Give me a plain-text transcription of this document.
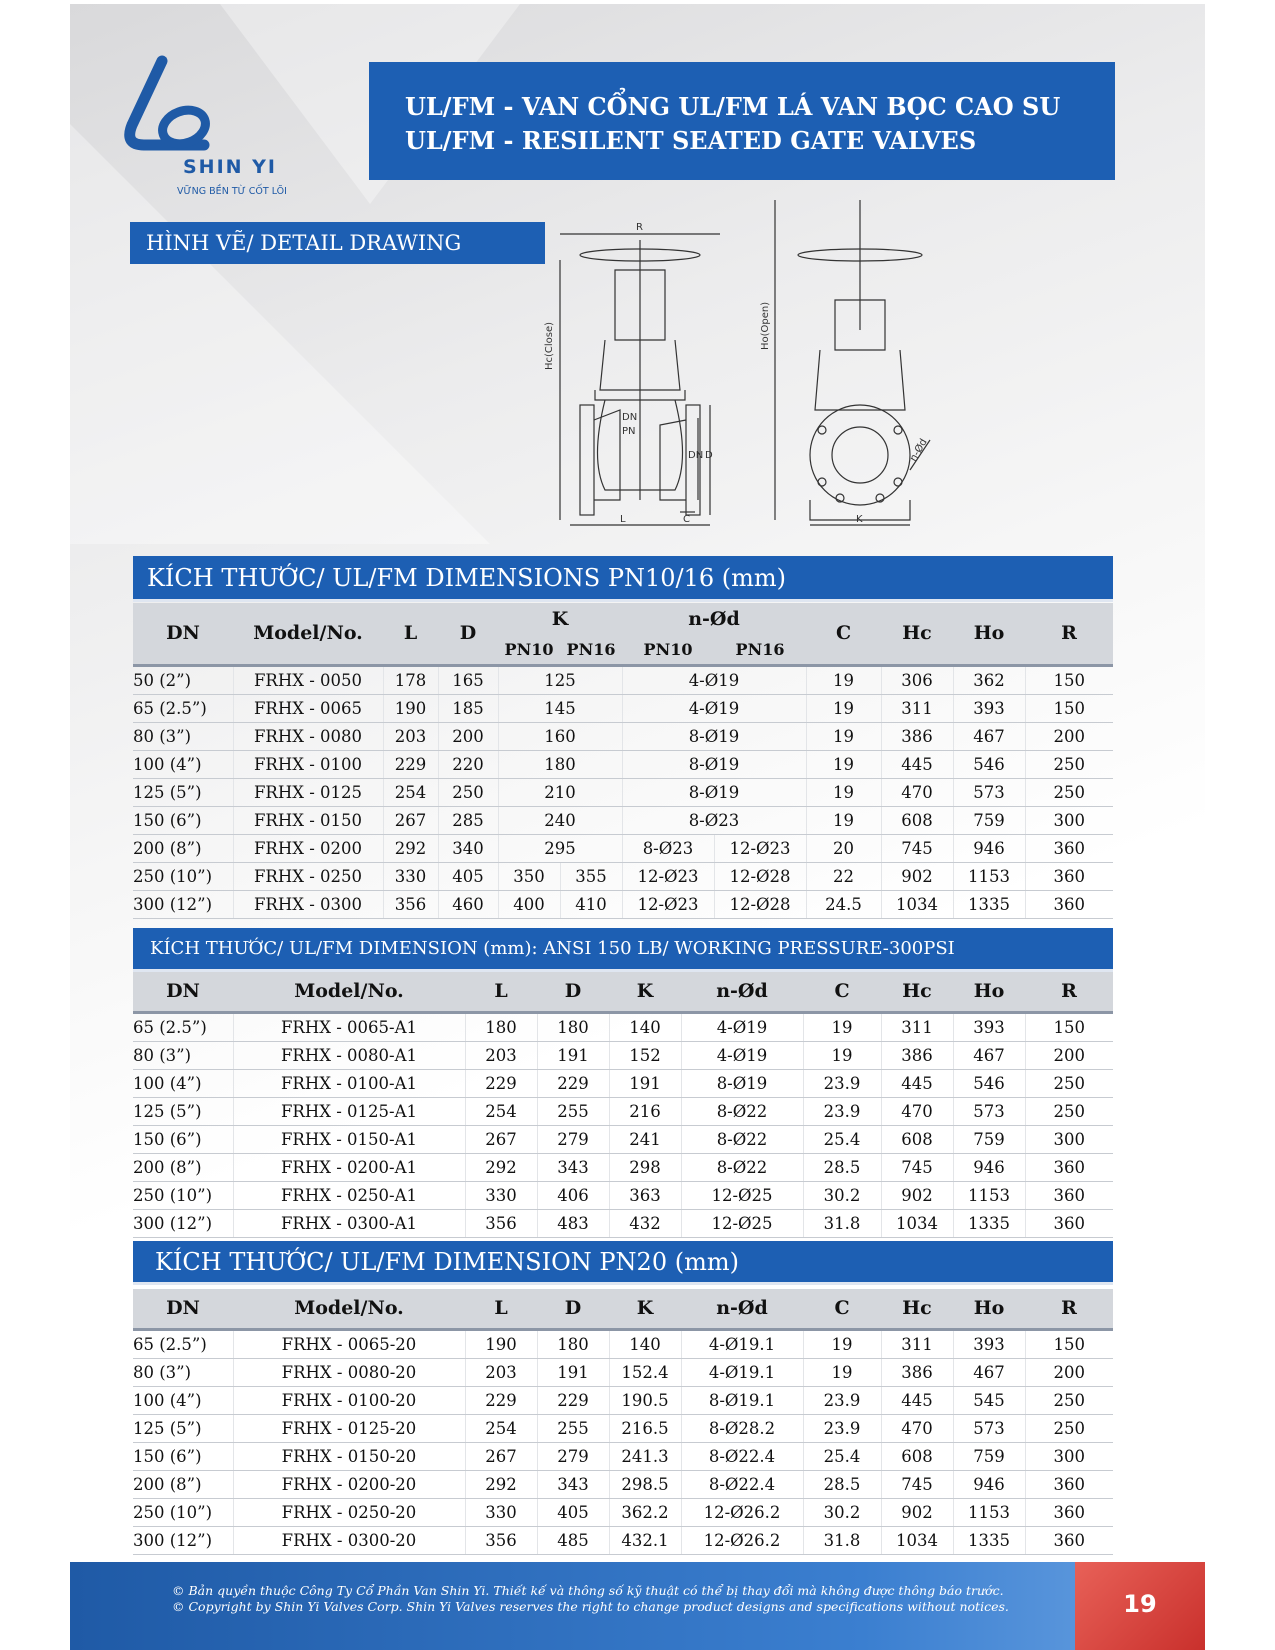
SHIN YI
VỮNG BỀN TỪ CỐT LÕI
UL/FM - VAN CỔNG UL/FM LÁ VAN BỌC CAO SU
UL/FM - RESILENT SEATED GATE VALVES
HÌNH VẼ/ DETAIL DRAWING
R
Hc(Close)	Ho(Open)
DN
PN
D
DN
L	C	K
n-Ød
KÍCH THƯỚC/ UL/FM DIMENSIONS PN10/16 (mm)
DN	Model/No.	L	D	K		n-Ød		C	Hc	Ho	R
				PN10	PN16	PN10	PN16				
50 (2”)	FRHX - 0050	178	165	125		4-Ø19		19	306	362	150
65 (2.5”)	FRHX - 0065	190	185	145		4-Ø19		19	311	393	150
80 (3”)	FRHX - 0080	203	200	160		8-Ø19		19	386	467	200
100 (4”)	FRHX - 0100	229	220	180		8-Ø19		19	445	546	250
125 (5”)	FRHX - 0125	254	250	210		8-Ø19		19	470	573	250
150 (6”)	FRHX - 0150	267	285	240		8-Ø23		19	608	759	300
200 (8”)	FRHX - 0200	292	340	295		8-Ø23	12-Ø23	20	745	946	360
250 (10”)	FRHX - 0250	330	405	350	355	12-Ø23	12-Ø28	22	902	1153	360
300 (12”)	FRHX - 0300	356	460	400	410	12-Ø23	12-Ø28	24.5	1034	1335	360
KÍCH THƯỚC/ UL/FM DIMENSION (mm): ANSI 150 LB/ WORKING PRESSURE-300PSI
DN	Model/No.	L	D	K	n-Ød	C	Hc	Ho	R
65 (2.5”)	FRHX - 0065-A1	180	180	140	4-Ø19	19	311	393	150
80 (3”)	FRHX - 0080-A1	203	191	152	4-Ø19	19	386	467	200
100 (4”)	FRHX - 0100-A1	229	229	191	8-Ø19	23.9	445	546	250
125 (5”)	FRHX - 0125-A1	254	255	216	8-Ø22	23.9	470	573	250
150 (6”)	FRHX - 0150-A1	267	279	241	8-Ø22	25.4	608	759	300
200 (8”)	FRHX - 0200-A1	292	343	298	8-Ø22	28.5	745	946	360
250 (10”)	FRHX - 0250-A1	330	406	363	12-Ø25	30.2	902	1153	360
300 (12”)	FRHX - 0300-A1	356	483	432	12-Ø25	31.8	1034	1335	360
KÍCH THƯỚC/ UL/FM DIMENSION PN20 (mm)
DN	Model/No.	L	D	K	n-Ød	C	Hc	Ho	R
65 (2.5”)	FRHX - 0065-20	190	180	140	4-Ø19.1	19	311	393	150
80 (3”)	FRHX - 0080-20	203	191	152.4	4-Ø19.1	19	386	467	200
100 (4”)	FRHX - 0100-20	229	229	190.5	8-Ø19.1	23.9	445	545	250
125 (5”)	FRHX - 0125-20	254	255	216.5	8-Ø28.2	23.9	470	573	250
150 (6”)	FRHX - 0150-20	267	279	241.3	8-Ø22.4	25.4	608	759	300
200 (8”)	FRHX - 0200-20	292	343	298.5	8-Ø22.4	28.5	745	946	360
250 (10”)	FRHX - 0250-20	330	405	362.2	12-Ø26.2	30.2	902	1153	360
300 (12”)	FRHX - 0300-20	356	485	432.1	12-Ø26.2	31.8	1034	1335	360
© Bản quyền thuộc Công Ty Cổ Phần Van Shin Yi. Thiết kế và thông số kỹ thuật có thể bị thay đổi mà không được thông báo trước.
© Copyright by Shin Yi Valves Corp. Shin Yi Valves reserves the right to change product designs and specifications without notices.	19
